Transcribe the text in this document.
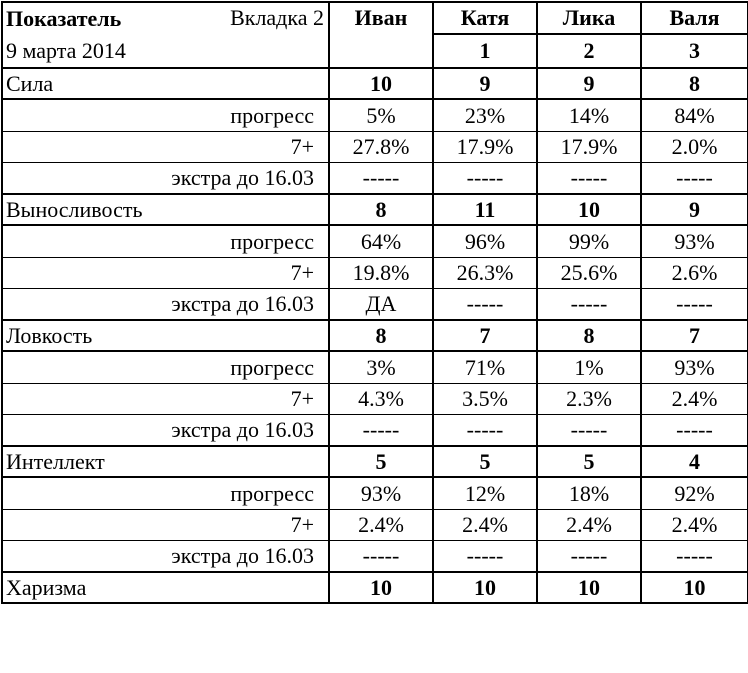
Показатель Вкладка 2	Иван	Катя	Лика	Валя
9 марта 2014		1	2	3
Сила	10	9	9	8
прогресс	5%	23%	14%	84%
7+	27.8%	17.9%	17.9%	2.0%
экстра до 16.03	-----	-----	-----	-----
Выносливость	8	11	10	9
прогресс	64%	96%	99%	93%
7+	19.8%	26.3%	25.6%	2.6%
экстра до 16.03	ДА	-----	-----	-----
Ловкость	8	7	8	7
прогресс	3%	71%	1%	93%
7+	4.3%	3.5%	2.3%	2.4%
экстра до 16.03	-----	-----	-----	-----
Интеллект	5	5	5	4
прогресс	93%	12%	18%	92%
7+	2.4%	2.4%	2.4%	2.4%
экстра до 16.03	-----	-----	-----	-----
Харизма	10	10	10	10
